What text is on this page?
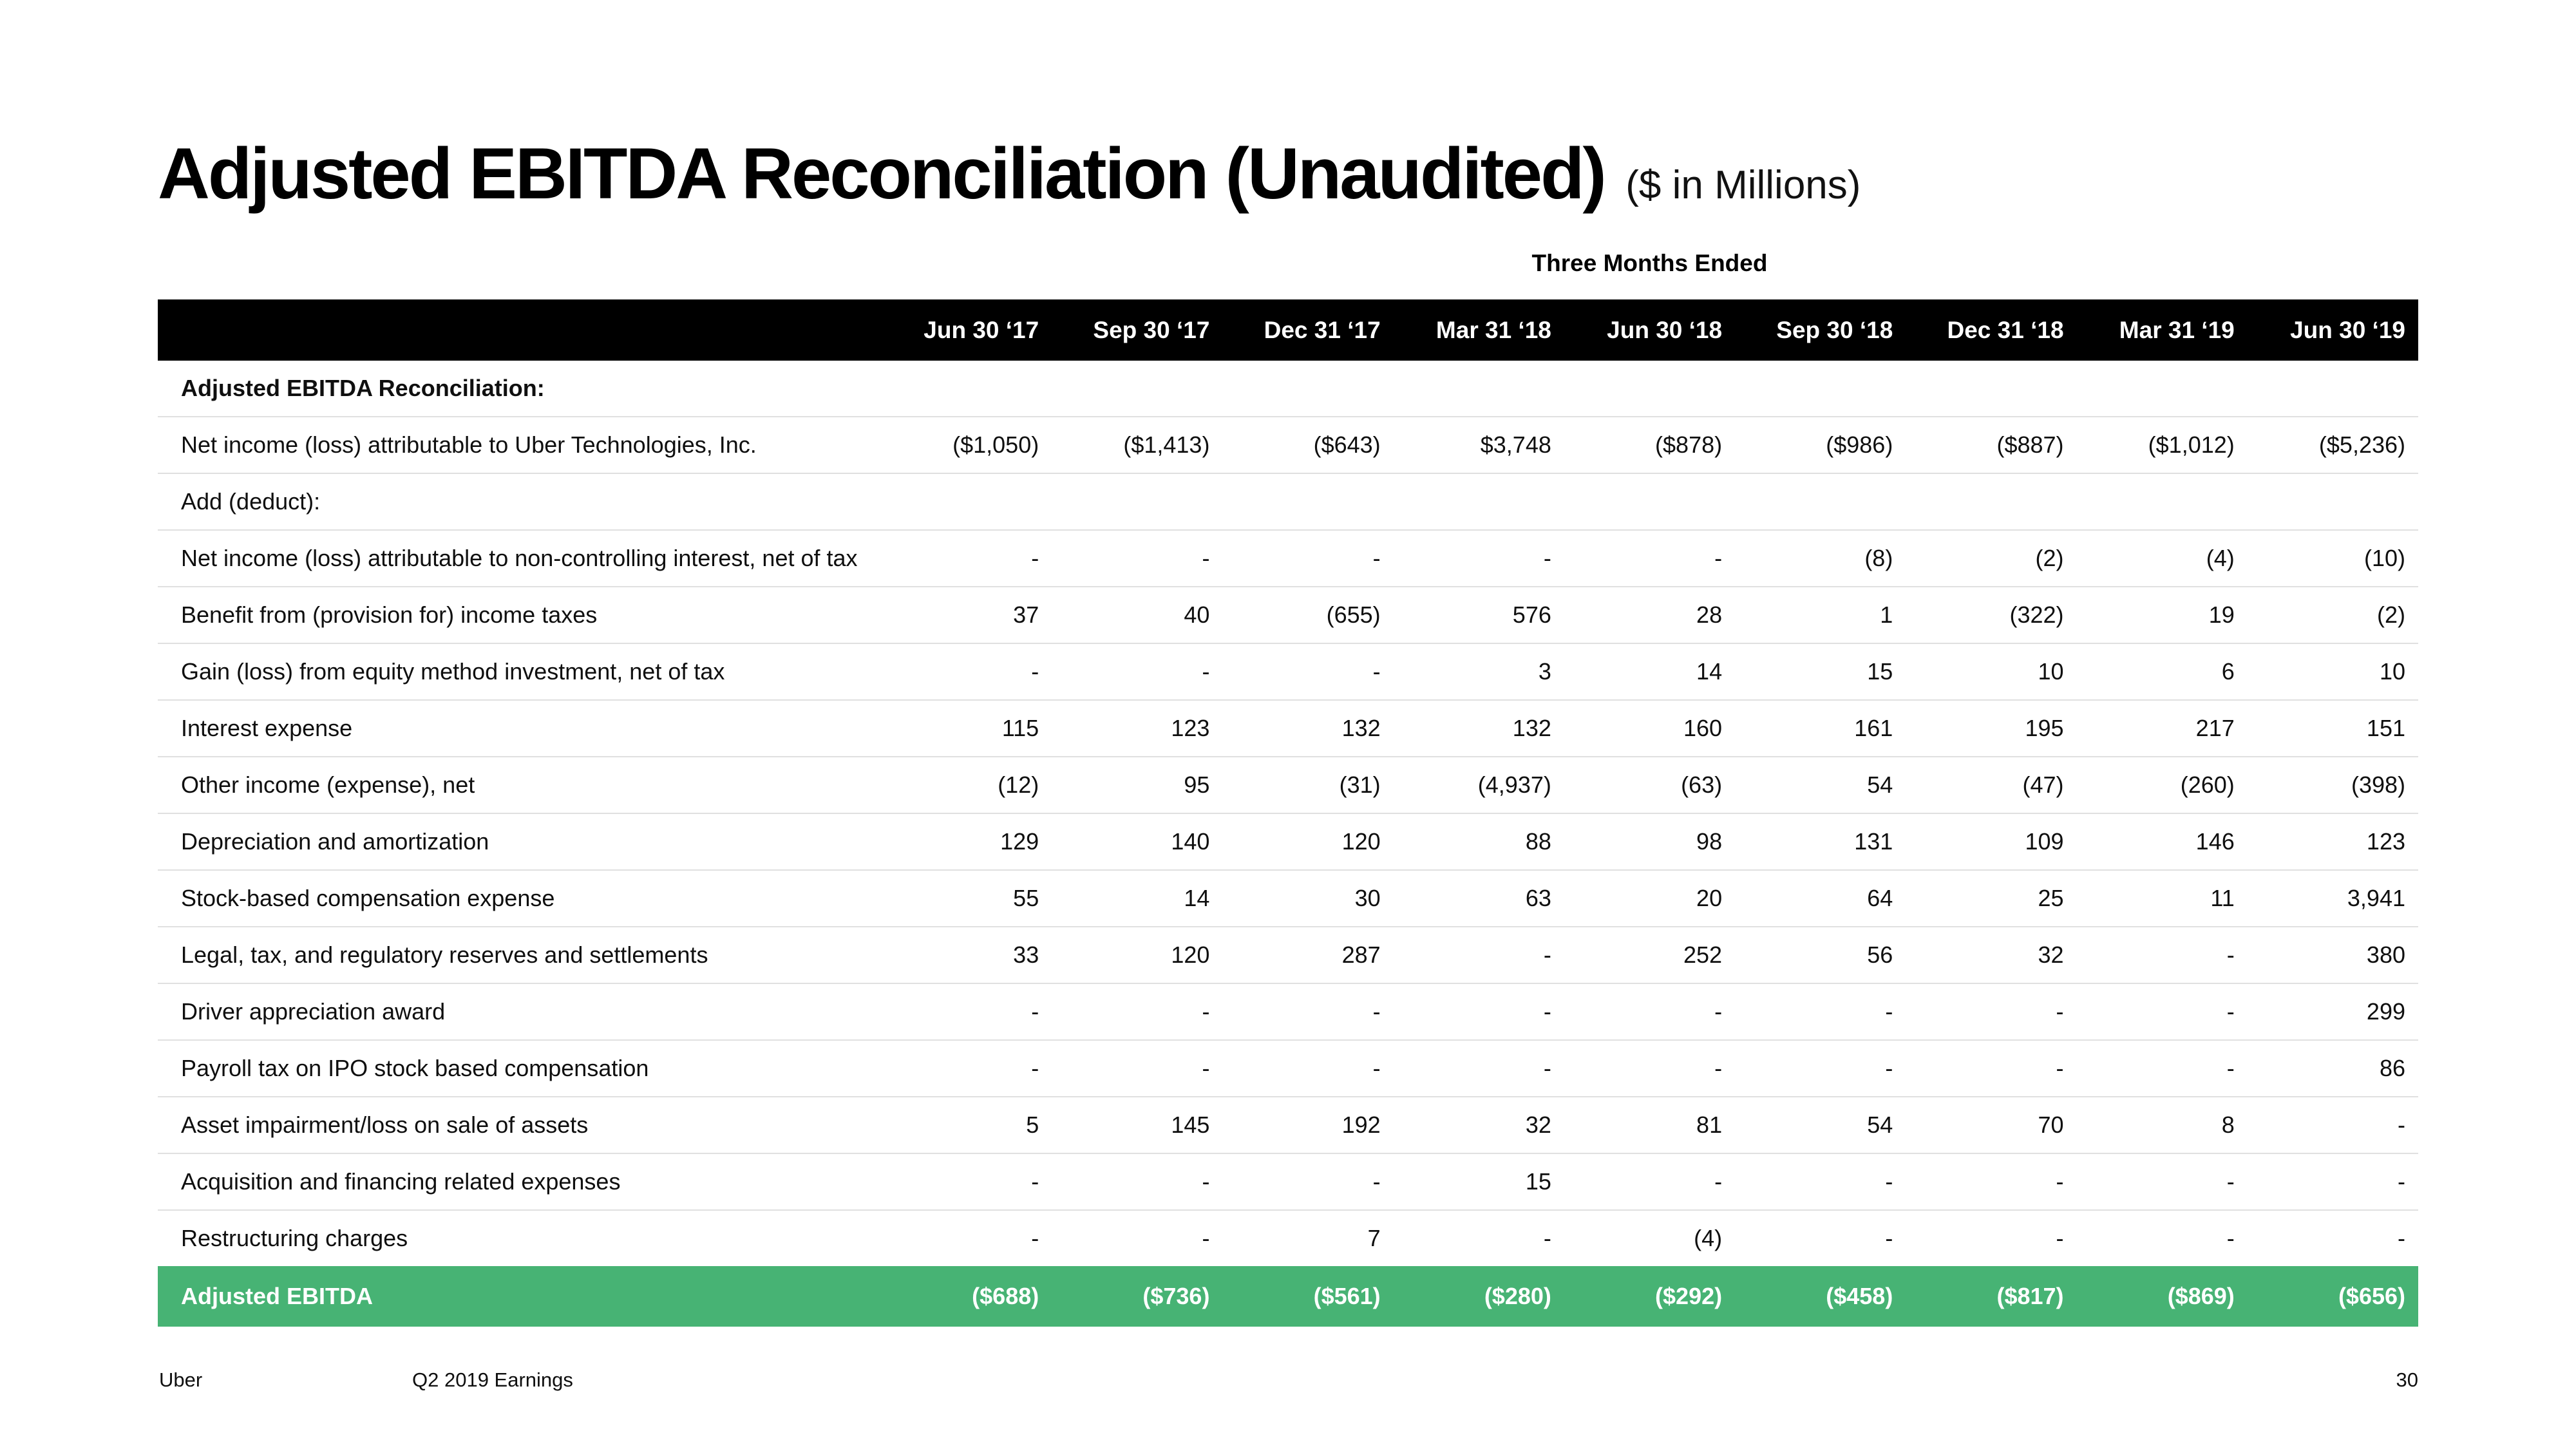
Adjusted EBITDA Reconciliation (Unaudited) ($ in Millions)
Three Months Ended
	Jun 30 ‘17	Sep 30 ‘17	Dec 31 ‘17	Mar 31 ‘18	Jun 30 ‘18	Sep 30 ‘18	Dec 31 ‘18	Mar 31 ‘19	Jun 30 ‘19
Adjusted EBITDA Reconciliation:									
Net income (loss) attributable to Uber Technologies, Inc.	($1,050)	($1,413)	($643)	$3,748	($878)	($986)	($887)	($1,012)	($5,236)
Add (deduct):									
Net income (loss) attributable to non-controlling interest, net of tax	-	-	-	-	-	(8)	(2)	(4)	(10)
Benefit from (provision for) income taxes	37	40	(655)	576	28	1	(322)	19	(2)
Gain (loss) from equity method investment, net of tax	-	-	-	3	14	15	10	6	10
Interest expense	115	123	132	132	160	161	195	217	151
Other income (expense), net	(12)	95	(31)	(4,937)	(63)	54	(47)	(260)	(398)
Depreciation and amortization	129	140	120	88	98	131	109	146	123
Stock-based compensation expense	55	14	30	63	20	64	25	11	3,941
Legal, tax, and regulatory reserves and settlements	33	120	287	-	252	56	32	-	380
Driver appreciation award	-	-	-	-	-	-	-	-	299
Payroll tax on IPO stock based compensation	-	-	-	-	-	-	-	-	86
Asset impairment/loss on sale of assets	5	145	192	32	81	54	70	8	-
Acquisition and financing related expenses	-	-	-	15	-	-	-	-	-
Restructuring charges	-	-	7	-	(4)	-	-	-	-
Adjusted EBITDA	($688)	($736)	($561)	($280)	($292)	($458)	($817)	($869)	($656)
Uber	Q2 2019 Earnings	30
